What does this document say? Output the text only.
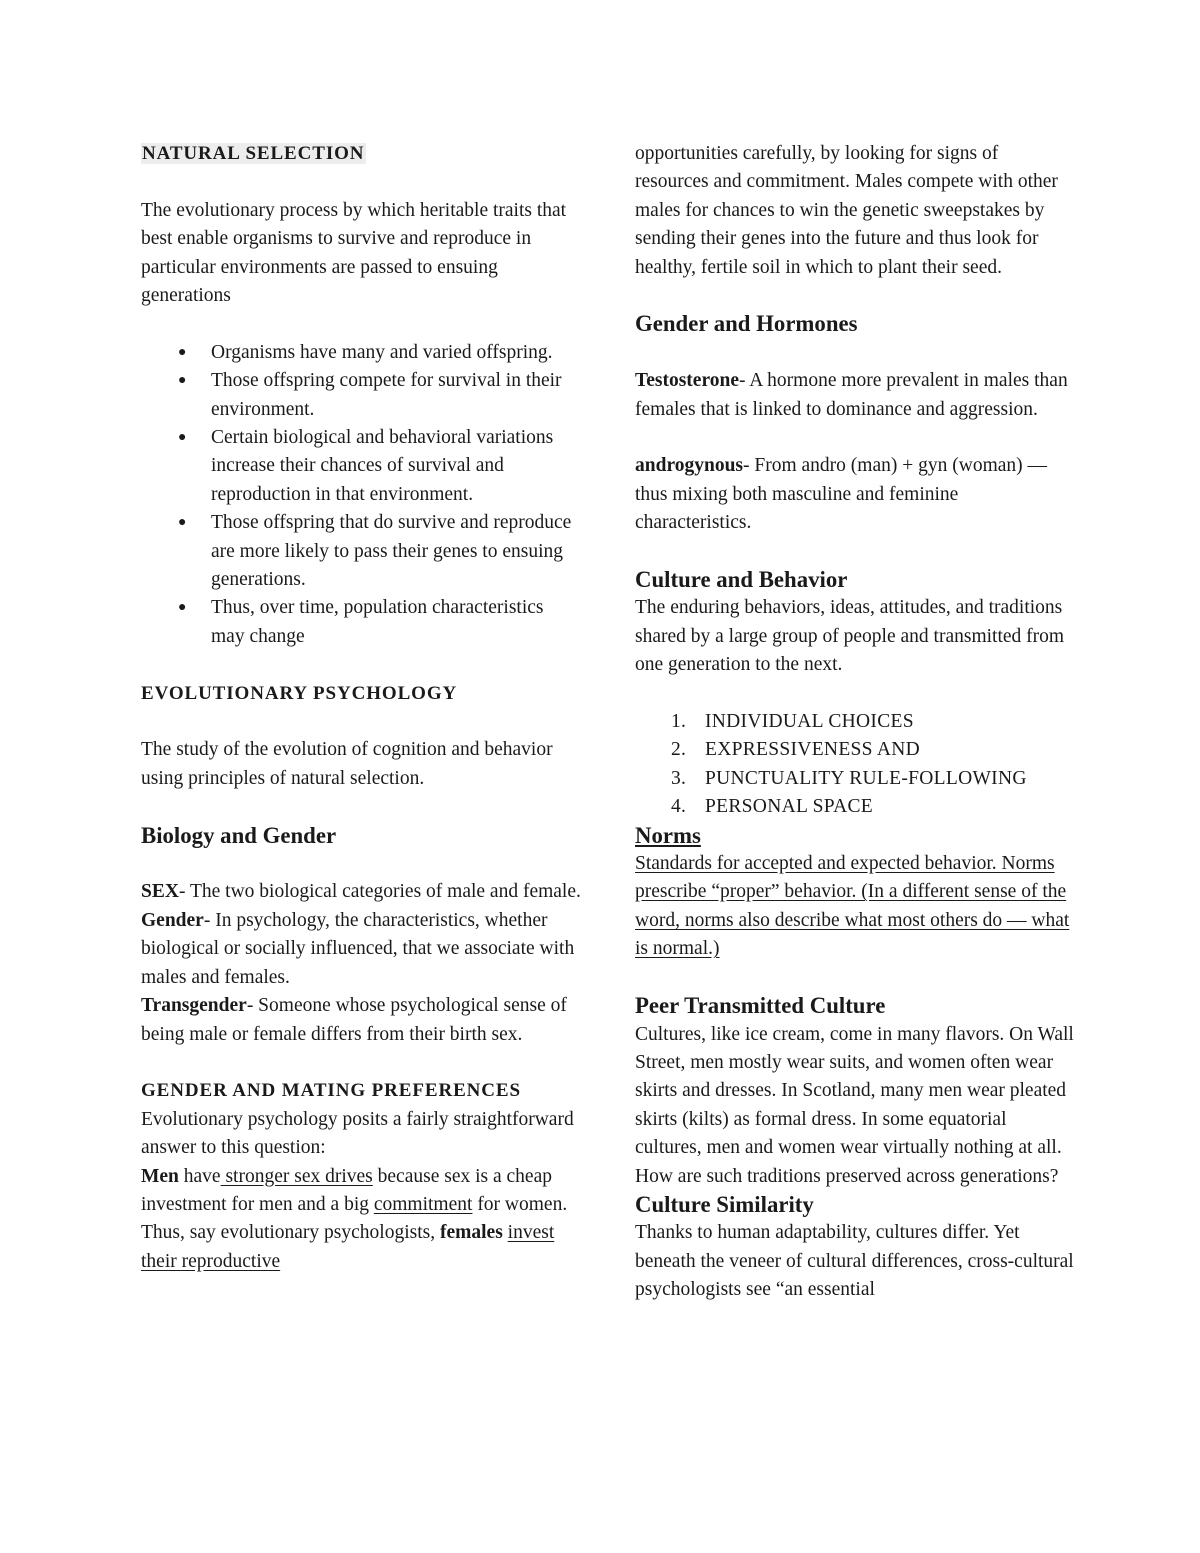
NATURAL SELECTION

The evolutionary process by which heritable traits that best enable organisms to survive and reproduce in particular environments are passed to ensuing generations

● Organisms have many and varied offspring.
● Those offspring compete for survival in their environment.
● Certain biological and behavioral variations increase their chances of survival and reproduction in that environment.
● Those offspring that do survive and reproduce are more likely to pass their genes to ensuing generations.
● Thus, over time, population characteristics may change
EVOLUTIONARY PSYCHOLOGY

The study of the evolution of cognition and behavior using principles of natural selection.

Biology and Gender

SEX- The two biological categories of male and female.

Gender- In psychology, the characteristics, whether biological or socially influenced, that we associate with males and females.

Transgender- Someone whose psychological sense of being male or female differs from their birth sex.

GENDER AND MATING PREFERENCES

Evolutionary psychology posits a fairly straightforward answer to this question:

Men have stronger sex drives because sex is a cheap investment for men and a big commitment for women. Thus, say evolutionary psychologists, females invest their reproductive

opportunities carefully, by looking for signs of resources and commitment. Males compete with other males for chances to win the genetic sweepstakes by sending their genes into the future and thus look for healthy, fertile soil in which to plant their seed.

Gender and Hormones

Testosterone- A hormone more prevalent in males than females that is linked to dominance and aggression.

androgynous- From andro (man) + gyn (woman) — thus mixing both masculine and feminine characteristics.

Culture and Behavior

The enduring behaviors, ideas, attitudes, and traditions shared by a large group of people and transmitted from one generation to the next.

1. INDIVIDUAL CHOICES
2. EXPRESSIVENESS AND
3. PUNCTUALITY RULE-FOLLOWING
4. PERSONAL SPACE
Norms

Standards for accepted and expected behavior. Norms prescribe “proper” behavior. (In a different sense of the word, norms also describe what most others do — what is normal.)

Peer Transmitted Culture

Cultures, like ice cream, come in many flavors. On Wall Street, men mostly wear suits, and women often wear skirts and dresses. In Scotland, many men wear pleated skirts (kilts) as formal dress. In some equatorial cultures, men and women wear virtually nothing at all. How are such traditions preserved across generations?

Culture Similarity

Thanks to human adaptability, cultures differ. Yet beneath the veneer of cultural differences, cross-cultural psychologists see “an essential
